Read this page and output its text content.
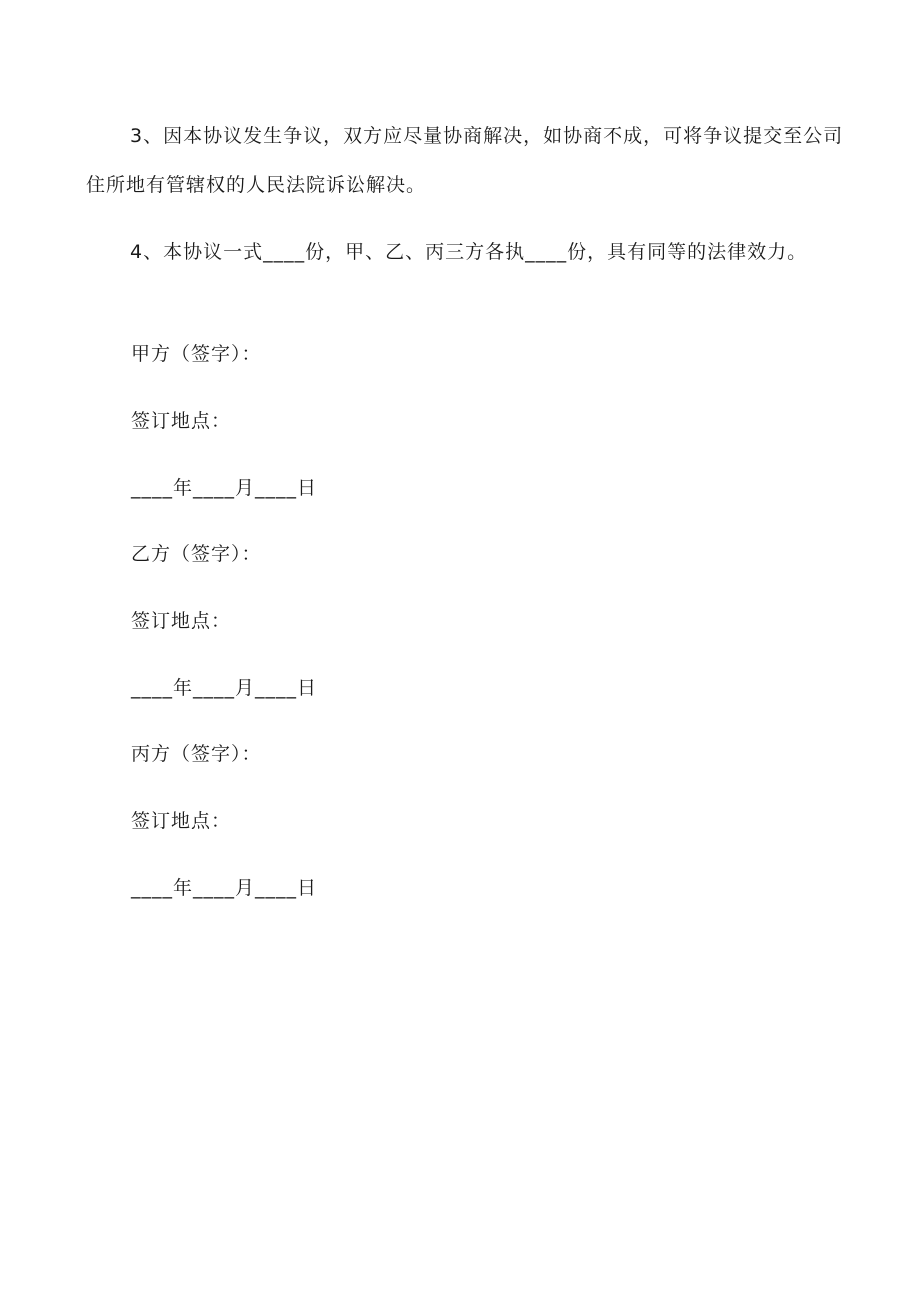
3、因本协议发生争议，双方应尽量协商解决，如协商不成，可将争议提交至公司住所地有管辖权的人民法院诉讼解决。

4、本协议一式____份，甲、乙、丙三方各执____份，具有同等的法律效力。

甲方（签字）：

签订地点：

____年____月____日

乙方（签字）：

签订地点：

____年____月____日

丙方（签字）：

签订地点：

____年____月____日
